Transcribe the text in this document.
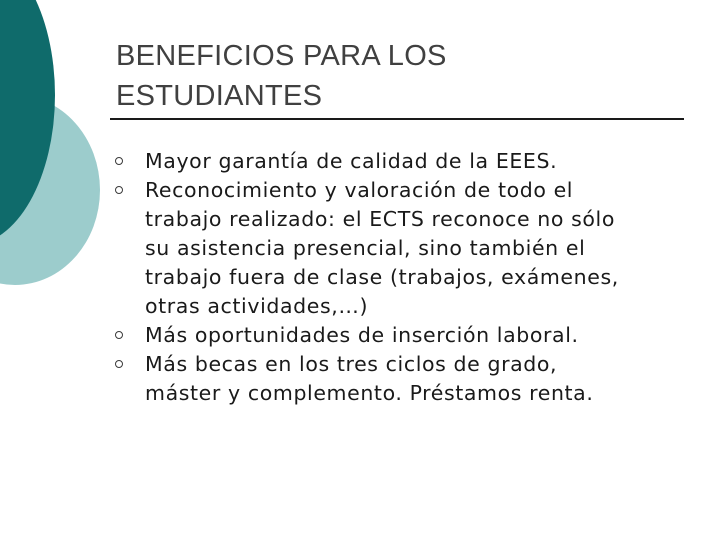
BENEFICIOS PARA LOS
ESTUDIANTES
Mayor garantía de calidad de la EEES.
Reconocimiento y valoración de todo el
trabajo realizado: el ECTS reconoce no sólo
su asistencia presencial, sino también el
trabajo fuera de clase (trabajos, exámenes,
otras actividades,…)
Más oportunidades de inserción laboral.
Más becas en los tres ciclos de grado,
máster y complemento. Préstamos renta.
